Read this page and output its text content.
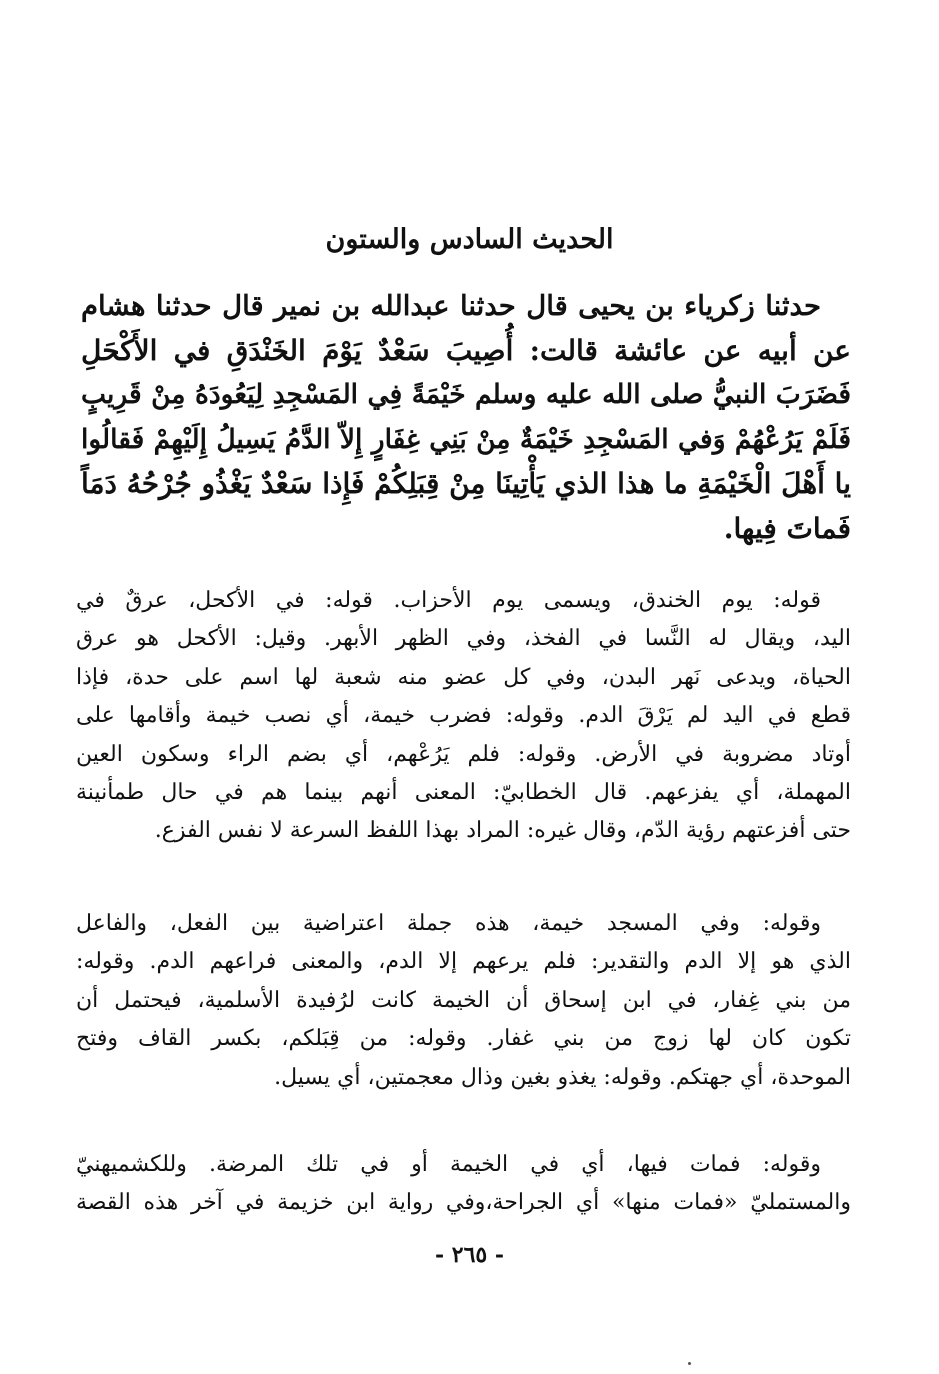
الحديث السادس والستون
حدثنا زكرياء بن يحيى قال حدثنا عبدالله بن نمير قال حدثنا هشام
عن أبيه عن عائشة قالت: أُصِيبَ سَعْدٌ يَوْمَ الخَنْدَقِ في الأَكْحَلِ
فَضَرَبَ النبيُّ صلى الله عليه وسلم خَيْمَةً فِي المَسْجِدِ لِيَعُودَهُ مِنْ قَرِيبٍ
فَلَمْ يَرُعْهُمْ وَفي المَسْجِدِ خَيْمَةٌ مِنْ بَنِي غِفَارٍ إِلاّ الدَّمُ يَسِيلُ إِلَيْهِمْ فَقالُوا
يا أَهْلَ الْخَيْمَةِ ما هذا الذي يَأْتِينَا مِنْ قِبَلِكُمْ فَإِذا سَعْدٌ يَغْذُو جُرْحُهُ دَمَاً
فَماتَ فِيها.
قوله: يوم الخندق، ويسمى يوم الأحزاب. قوله: في الأكحل، عرقٌ في
اليد، ويقال له النَّسا في الفخذ، وفي الظهر الأبهر. وقيل: الأكحل هو عرق
الحياة، ويدعى نَهر البدن، وفي كل عضو منه شعبة لها اسم على حدة، فإذا
قطع في اليد لم يَرْقَ الدم. وقوله: فضرب خيمة، أي نصب خيمة وأقامها على
أوتاد مضروبة في الأرض. وقوله: فلم يَرُعْهم، أي بضم الراء وسكون العين
المهملة، أي يفزعهم. قال الخطابيّ: المعنى أنهم بينما هم في حال طمأنينة
حتى أفزعتهم رؤية الدّم، وقال غيره: المراد بهذا اللفظ السرعة لا نفس الفزع.
وقوله: وفي المسجد خيمة، هذه جملة اعتراضية بين الفعل، والفاعل
الذي هو إلا الدم والتقدير: فلم يرعهم إلا الدم، والمعنى فراعهم الدم. وقوله:
من بني غِفار، في ابن إسحاق أن الخيمة كانت لرُفيدة الأسلمية، فيحتمل أن
تكون كان لها زوج من بني غفار. وقوله: من قِبَلكم، بكسر القاف وفتح
الموحدة، أي جهتكم. وقوله: يغذو بغين وذال معجمتين، أي يسيل.
وقوله: فمات فيها، أي في الخيمة أو في تلك المرضة. وللكشميهنيّ
والمستمليّ «فمات منها» أي الجراحة،وفي رواية ابن خزيمة في آخر هذه القصة
- ٢٦٥ -
